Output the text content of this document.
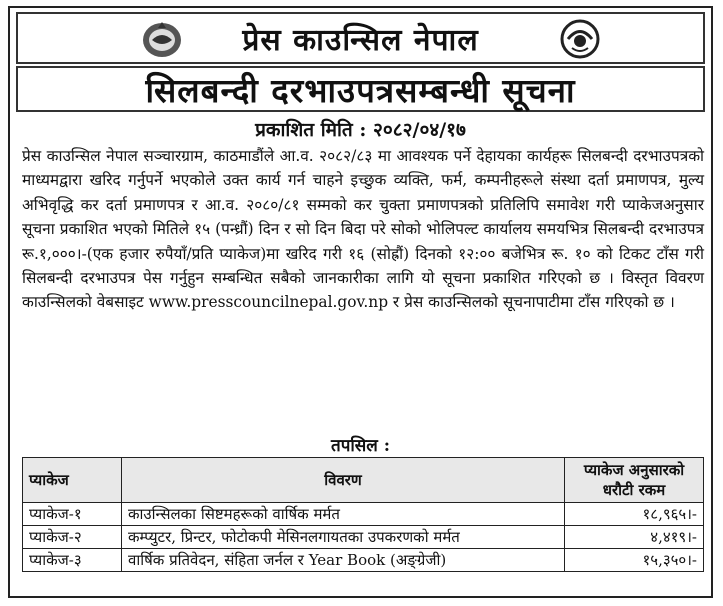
प्रेस काउन्सिल नेपाल
सिलबन्दी दरभाउपत्रसम्बन्धी सूचना
प्रकाशित मिति : २०८२/०४/१७
प्रेस काउन्सिल नेपाल सञ्चारग्राम, काठमाडौंले आ.व. २०८२/८३ मा आवश्यक पर्ने देहायका कार्यहरू सिलबन्दी दरभाउपत्रको माध्यमद्वारा खरिद गर्नुपर्ने भएकोले उक्त कार्य गर्न चाहने इच्छुक व्यक्ति, फर्म, कम्पनीहरूले संस्था दर्ता प्रमाणपत्र, मुल्य अभिवृद्धि कर दर्ता प्रमाणपत्र र आ.व. २०८०/८१ सम्मको कर चुक्ता प्रमाणपत्रको प्रतिलिपि समावेश गरी प्याकेजअनुसार सूचना प्रकाशित भएको मितिले १५ (पन्ध्रौं) दिन र सो दिन बिदा परे सोको भोलिपल्ट कार्यालय समयभित्र सिलबन्दी दरभाउपत्र रू.१,०००।-(एक हजार रुपैयाँ/प्रति प्याकेज)मा खरिद गरी १६ (सोह्रौं) दिनको १२:०० बजेभित्र रू. १० को टिकट टाँस गरी सिलबन्दी दरभाउपत्र पेस गर्नुहुन सम्बन्धित सबैको जानकारीका लागि यो सूचना प्रकाशित गरिएको छ । विस्तृत विवरण काउन्सिलको वेबसाइट www.presscouncilnepal.gov.np र प्रेस काउन्सिलको सूचनापाटीमा टाँस गरिएको छ ।
तपसिल :
प्याकेज	विवरण	प्याकेज अनुसारको धरौटी रकम
प्याकेज-१	काउन्सिलका सिष्टमहरूको वार्षिक मर्मत	१८,९६५।-
प्याकेज-२	कम्प्युटर, प्रिन्टर, फोटोकपी मेसिनलगायतका उपकरणको मर्मत	४,४१९।-
प्याकेज-३	वार्षिक प्रतिवेदन, संहिता जर्नल र Year Book (अङ्ग्रेजी)	१५,३५०।-
